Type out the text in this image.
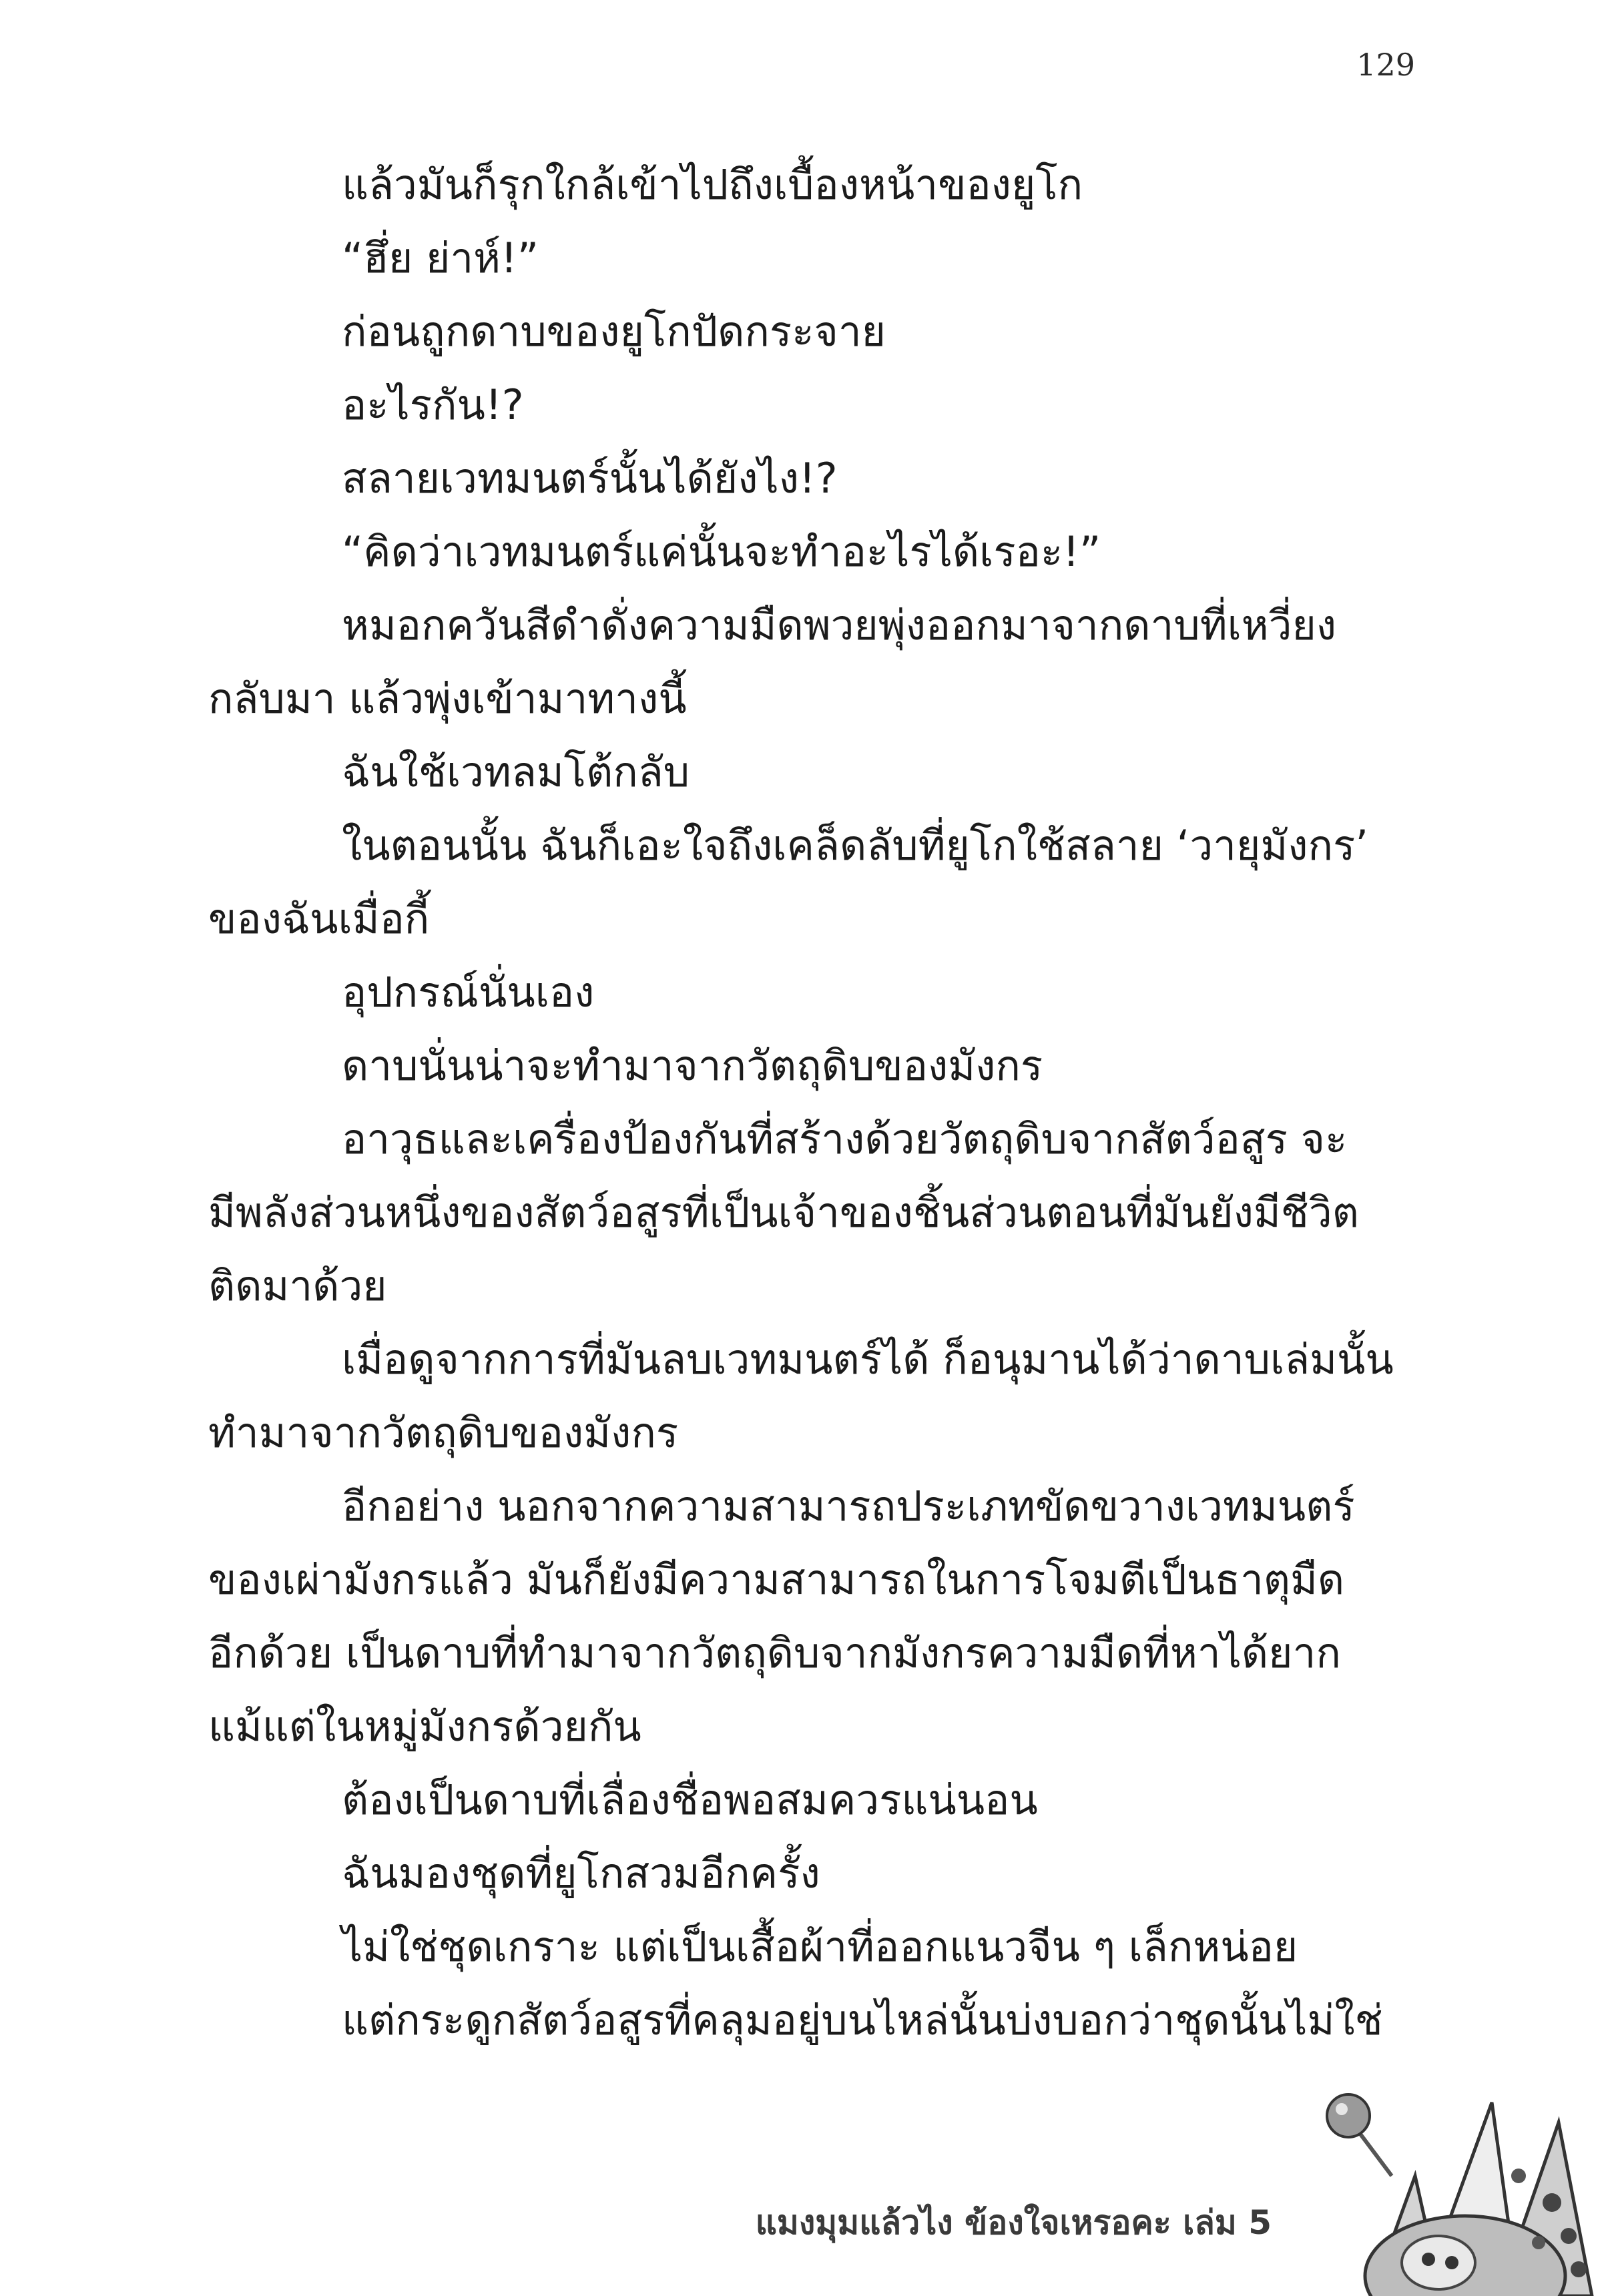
129

แล้วมันก็รุกใกล้เข้าไปถึงเบื้องหน้าของยูโก

“ฮึ่ย ย่าห์!”

ก่อนถูกดาบของยูโกปัดกระจาย

อะไรกัน!?

สลายเวทมนตร์นั้นได้ยังไง!?

“คิดว่าเวทมนตร์แค่นั้นจะทำอะไรได้เรอะ!”

หมอกควันสีดำดั่งความมืดพวยพุ่งออกมาจากดาบที่เหวี่ยง

กลับมา แล้วพุ่งเข้ามาทางนี้

ฉันใช้เวทลมโต้กลับ

ในตอนนั้น ฉันก็เอะใจถึงเคล็ดลับที่ยูโกใช้สลาย ‘วายุมังกร’

ของฉันเมื่อกี้

อุปกรณ์นั่นเอง

ดาบนั่นน่าจะทำมาจากวัตถุดิบของมังกร

อาวุธและเครื่องป้องกันที่สร้างด้วยวัตถุดิบจากสัตว์อสูร จะ

มีพลังส่วนหนึ่งของสัตว์อสูรที่เป็นเจ้าของชิ้นส่วนตอนที่มันยังมีชีวิต

ติดมาด้วย

เมื่อดูจากการที่มันลบเวทมนตร์ได้ ก็อนุมานได้ว่าดาบเล่มนั้น

ทำมาจากวัตถุดิบของมังกร

อีกอย่าง นอกจากความสามารถประเภทขัดขวางเวทมนตร์

ของเผ่ามังกรแล้ว มันก็ยังมีความสามารถในการโจมตีเป็นธาตุมืด

อีกด้วย เป็นดาบที่ทำมาจากวัตถุดิบจากมังกรความมืดที่หาได้ยาก

แม้แต่ในหมู่มังกรด้วยกัน

ต้องเป็นดาบที่เลื่องชื่อพอสมควรแน่นอน

ฉันมองชุดที่ยูโกสวมอีกครั้ง

ไม่ใช่ชุดเกราะ แต่เป็นเสื้อผ้าที่ออกแนวจีน ๆ เล็กหน่อย

แต่กระดูกสัตว์อสูรที่คลุมอยู่บนไหล่นั้นบ่งบอกว่าชุดนั้นไม่ใช่

แมงมุมแล้วไง ข้องใจเหรอคะ เล่ม 5
